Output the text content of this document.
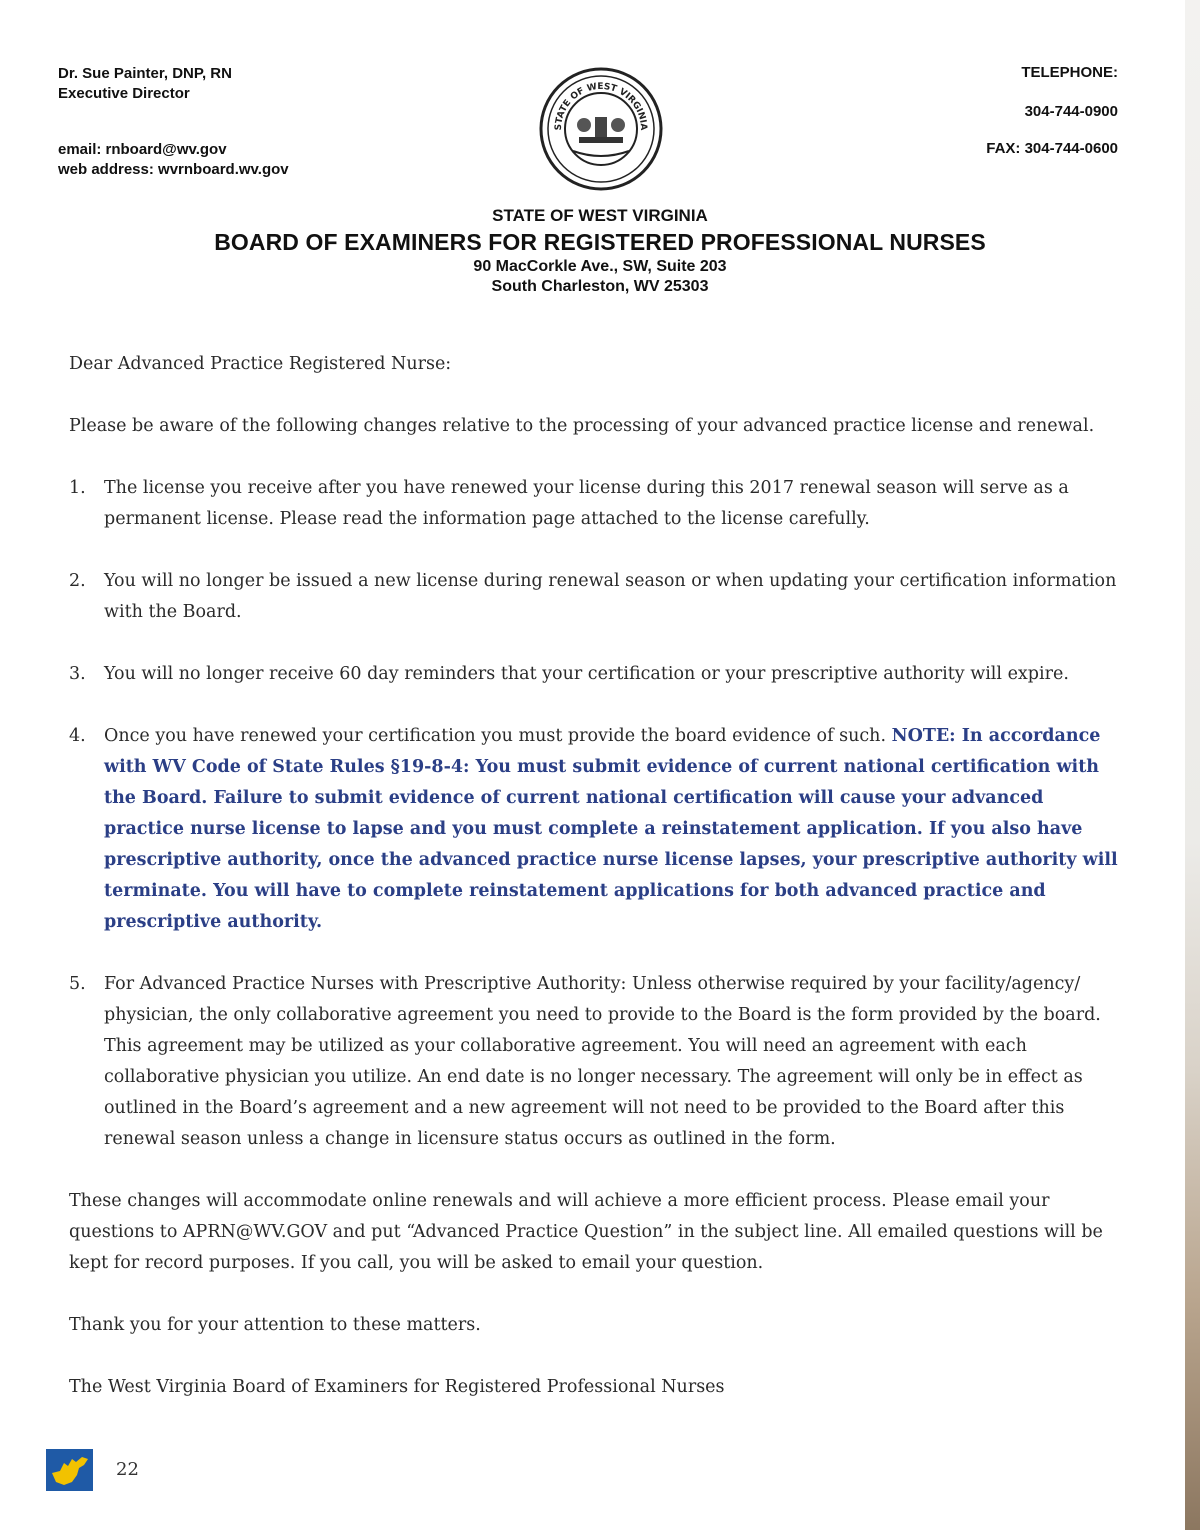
Dr. Sue Painter, DNP, RN
Executive Director
email: rnboard@wv.gov
web address: wvrnboard.wv.gov
TELEPHONE:
304-744-0900
FAX: 304-744-0600
STATE OF WEST VIRGINIA
STATE OF WEST VIRGINIA
BOARD OF EXAMINERS FOR REGISTERED PROFESSIONAL NURSES
90 MacCorkle Ave., SW, Suite 203
South Charleston, WV 25303

Dear Advanced Practice Registered Nurse:

Please be aware of the following changes relative to the processing of your advanced practice license and renewal.

1. The license you receive after you have renewed your license during this 2017 renewal season will serve as a permanent license. Please read the information page attached to the license carefully.
2. You will no longer be issued a new license during renewal season or when updating your certification information with the Board.
3. You will no longer receive 60 day reminders that your certification or your prescriptive authority will expire.
4. Once you have renewed your certification you must provide the board evidence of such. NOTE: In accordance with WV Code of State Rules §19-8-4: You must submit evidence of current national certification with the Board. Failure to submit evidence of current national certification will cause your advanced practice nurse license to lapse and you must complete a reinstatement application. If you also have prescriptive authority, once the advanced practice nurse license lapses, your prescriptive authority will terminate. You will have to complete reinstatement applications for both advanced practice and prescriptive authority.
5. For Advanced Practice Nurses with Prescriptive Authority: Unless otherwise required by your facility/agency/ physician, the only collaborative agreement you need to provide to the Board is the form provided by the board. This agreement may be utilized as your collaborative agreement. You will need an agreement with each collaborative physician you utilize. An end date is no longer necessary. The agreement will only be in effect as outlined in the Board’s agreement and a new agreement will not need to be provided to the Board after this renewal season unless a change in licensure status occurs as outlined in the form.

These changes will accommodate online renewals and will achieve a more efficient process. Please email your questions to APRN@WV.GOV and put “Advanced Practice Question” in the subject line. All emailed questions will be kept for record purposes. If you call, you will be asked to email your question.

Thank you for your attention to these matters.

The West Virginia Board of Examiners for Registered Professional Nurses

22
